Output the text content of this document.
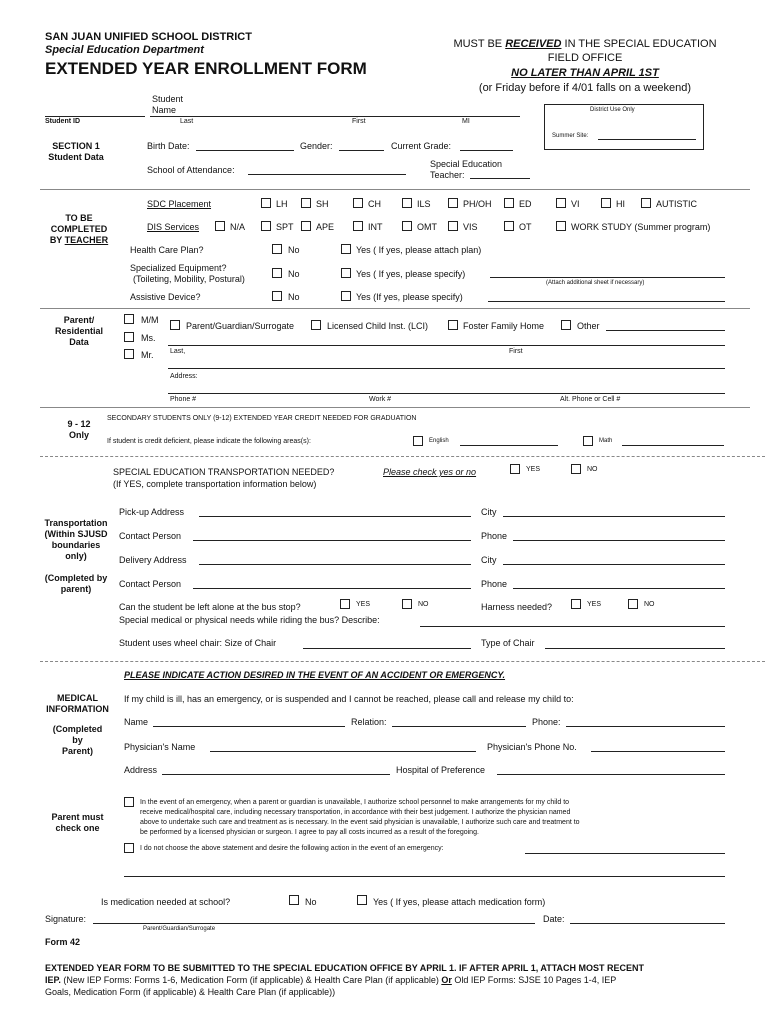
SAN JUAN UNIFIED SCHOOL DISTRICT
Special Education Department
EXTENDED YEAR ENROLLMENT FORM
MUST BE RECEIVED IN THE SPECIAL EDUCATION
FIELD OFFICE
NO LATER THAN APRIL 1ST
(or Friday before if 4/01 falls on a weekend)
Student Name
Student ID	Last	First	MI
District Use Only
Summer Site:
SECTION 1
Student Data
Birth Date:	Gender:	Current Grade:
School of Attendance:
Special Education
Teacher:
TO BE
COMPLETED
BY TEACHER
SDC Placement	LH	SH	CH	ILS	PH/OH	ED	VI	HI	AUTISTIC
DIS Services	N/A	SPT APE	INT	OMT	VIS	OT	WORK STUDY (Summer program)
Health Care Plan?	No	Yes ( If yes, please attach plan)
Specialized Equipment?
(Toileting, Mobility, Postural)	No	Yes ( If yes, please specify)
(Attach additional sheet if necessary)
Assistive Device?	No	Yes (If yes, please specify)
Parent/
Residential
Data
M/M
Ms.
Mr.
Parent/Guardian/Surrogate	Licensed Child Inst. (LCI)	Foster Family Home	Other
Last,	First
Address:
Phone #	Work #	Alt. Phone or Cell #
9 - 12
Only
SECONDARY STUDENTS ONLY (9-12) EXTENDED YEAR CREDIT NEEDED FOR GRADUATION
If student is credit deficient, please indicate the following areas(s):	English	Math
SPECIAL EDUCATION TRANSPORTATION NEEDED?	Please check yes or no	YES	NO
(If YES, complete transportation information below)
Transportation
(Within SJUSD
boundaries
only)
(Completed by
parent)
Pick-up Address	City
Contact Person	Phone
Delivery Address	City
Contact Person	Phone
Can the student be left alone at the bus stop?	YES	NO	Harness needed?	YES	NO
Special medical or physical needs while riding the bus? Describe:
Student uses wheel chair: Size of Chair	Type of Chair
PLEASE INDICATE ACTION DESIRED IN THE EVENT OF AN ACCIDENT OR EMERGENCY.
MEDICAL
INFORMATION
(Completed
by
Parent)
If my child is ill, has an emergency, or is suspended and I cannot be reached, please call and release my child to:
Name	Relation:	Phone:
Physician's Name	Physician's Phone No.
Address	Hospital of Preference
Parent must
check one
In the event of an emergency, when a parent or guardian is unavailable, I authorize school personnel to make arrangements for my child to
receive medical/hospital care, including necessary transportation, in accordance with their best judgement. I authorize the physician named
above to undertake such care and treatment as is necessary. In the event said physician is unavailable, I authorize such care and treatment to
be performed by a licensed physician or surgeon. I agree to pay all costs incurred as a result of the foregoing.
I do not choose the above statement and desire the following action in the event of an emergency:
Is medication needed at school?	No	Yes ( If yes, please attach medication form)
Signature:
Parent/Guardian/Surrogate
Date:
Form 42
EXTENDED YEAR FORM TO BE SUBMITTED TO THE SPECIAL EDUCATION OFFICE BY APRIL 1. IF AFTER APRIL 1, ATTACH MOST RECENT
IEP. (New IEP Forms: Forms 1-6, Medication Form (if applicable) & Health Care Plan (if applicable) Or Old IEP Forms: SJSE 10 Pages 1-4, IEP
Goals, Medication Form (if applicable) & Health Care Plan (if applicable))
